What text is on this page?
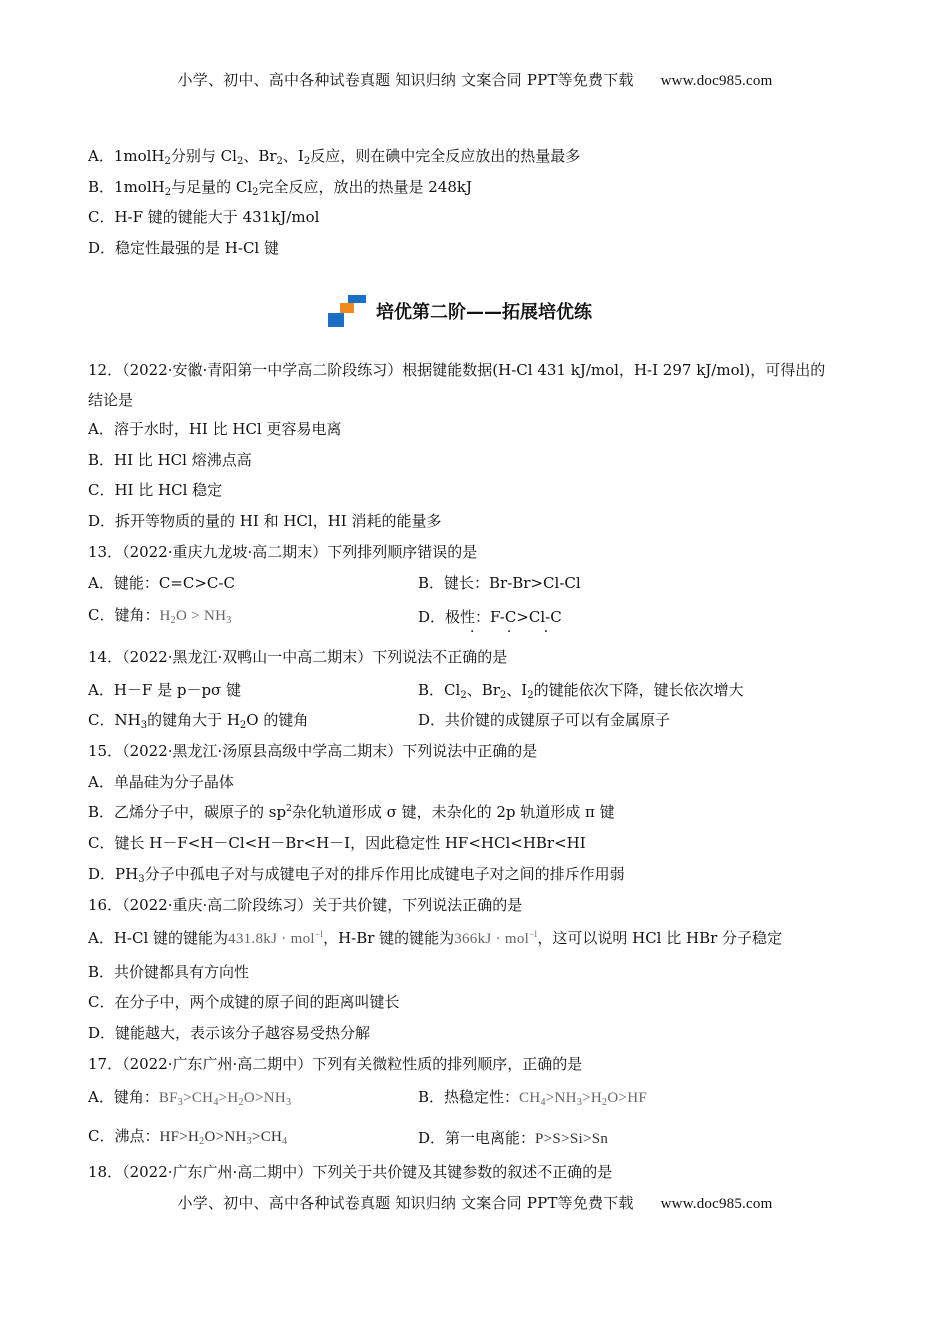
小学、初中、高中各种试卷真题 知识归纳 文案合同 PPT等免费下载 www.doc985.com
A．1molH$_2$分别与 $Cl_2$、$Br_2$、$I_2$反应，则在碘中完全反应放出的热量最多
B．1molH$_2$与足量的 $Cl_2$完全反应，放出的热量是 248kJ
C．H-F 键的键能大于 431kJ/mol
D．稳定性最强的是 H-Cl 键
培优第二阶——拓展培优练
12．（2022·安徽·青阳第一中学高二阶段练习）根据键能数据(H-Cl 431 kJ/mol，H-I 297 kJ/mol)，可得出的
结论是
A．溶于水时，HI 比 HCl 更容易电离
B．HI 比 HCl 熔沸点高
C．HI 比 HCl 稳定
D．拆开等物质的量的 HI 和 HCl，HI 消耗的能量多
13．（2022·重庆九龙坡·高二期末）下列排列顺序错误的是
A．键能：C=C>C-C	B．键长：Br-Br>Cl-Cl
C．键角：$H_2O > NH_3$	D．极性：F-C>Cl-C
· · ·
14．（2022·黑龙江·双鸭山一中高二期末）下列说法不正确的是
A．H－F 是 p－pσ 键	B．$Cl_2$、$Br_2$、$I_2$的键能依次下降，键长依次增大
C．$NH_3$的键角大于 $H_2O$ 的键角	D．共价键的成键原子可以有金属原子
15．（2022·黑龙江·汤原县高级中学高二期末）下列说法中正确的是
A．单晶硅为分子晶体
B．乙烯分子中，碳原子的 $sp^2$杂化轨道形成 σ 键，未杂化的 2p 轨道形成 π 键
C．键长 H－F<H－Cl<H－Br<H－I，因此稳定性 HF<HCl<HBr<HI
D．$PH_3$分子中孤电子对与成键电子对的排斥作用比成键电子对之间的排斥作用弱
16．（2022·重庆·高二阶段练习）关于共价键，下列说法正确的是
A．H-Cl 键的键能为431.8kJ · mol$^{-l}$，H-Br 键的键能为366kJ · mol$^{-l}$，这可以说明 HCl 比 HBr 分子稳定
B．共价键都具有方向性
C．在分子中，两个成键的原子间的距离叫键长
D．键能越大，表示该分子越容易受热分解
17．（2022·广东广州·高二期中）下列有关微粒性质的排列顺序，正确的是
A．键角：$BF_3>CH_4>H_2O>NH_3$	B．热稳定性：$CH_4>NH_3>H_2O>HF$
C．沸点：$HF>H_2O>NH_3>CH_4$	D．第一电离能：P>S>Si>Sn
18．（2022·广东广州·高二期中）下列关于共价键及其键参数的叙述不正确的是
小学、初中、高中各种试卷真题 知识归纳 文案合同 PPT等免费下载 www.doc985.com
